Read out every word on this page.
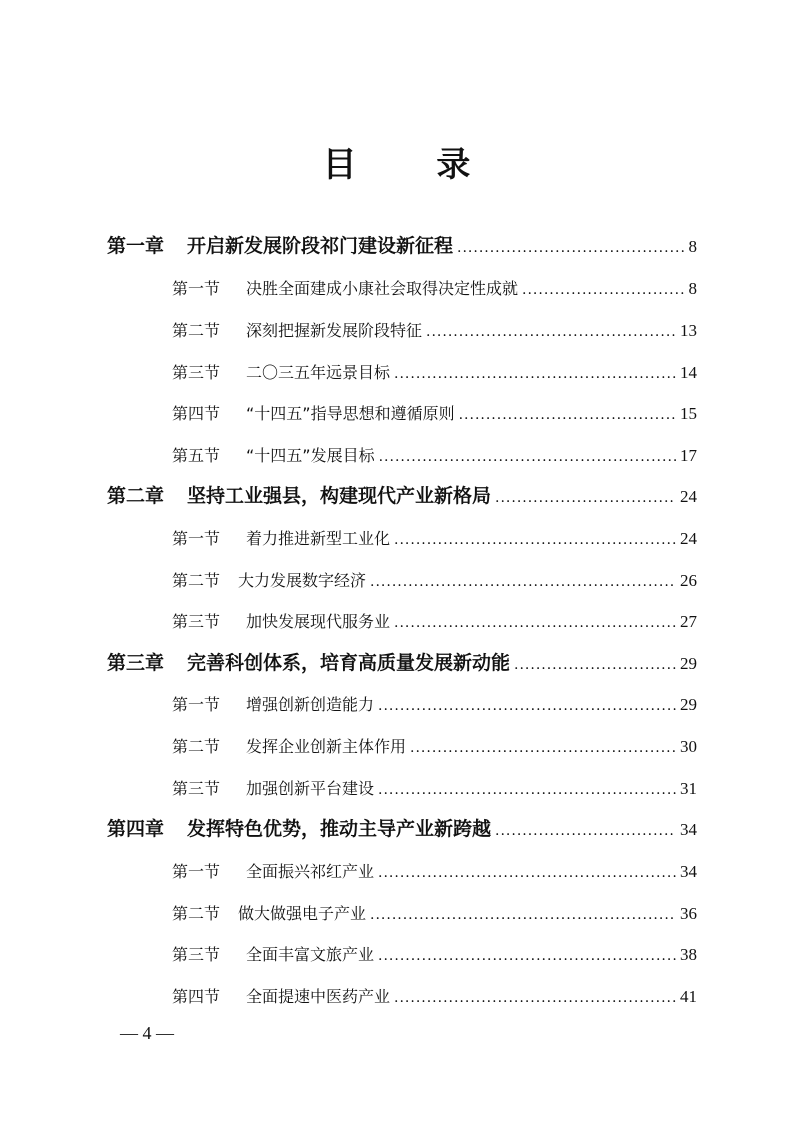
目 录
第一章	开启新发展阶段祁门建设新征程 .....	8
第一节	决胜全面建成小康社会取得决定性成就 .....	8
第二节	深刻把握新发展阶段特征 .....	13
第三节	二〇三五年远景目标 .....	14
第四节	“十四五”指导思想和遵循原则 .....	15
第五节	“十四五”发展目标 .....	17
第二章	坚持工业强县，构建现代产业新格局 .....	24
第一节	着力推进新型工业化 .....	24
第二节	大力发展数字经济 .....	26
第三节	加快发展现代服务业 .....	27
第三章	完善科创体系，培育高质量发展新动能 .....	29
第一节	增强创新创造能力 .....	29
第二节	发挥企业创新主体作用 .....	30
第三节	加强创新平台建设 .....	31
第四章	发挥特色优势，推动主导产业新跨越 .....	34
第一节	全面振兴祁红产业 .....	34
第二节	做大做强电子产业 .....	36
第三节	全面丰富文旅产业 .....	38
第四节	全面提速中医药产业 .....	41
— 4 —
